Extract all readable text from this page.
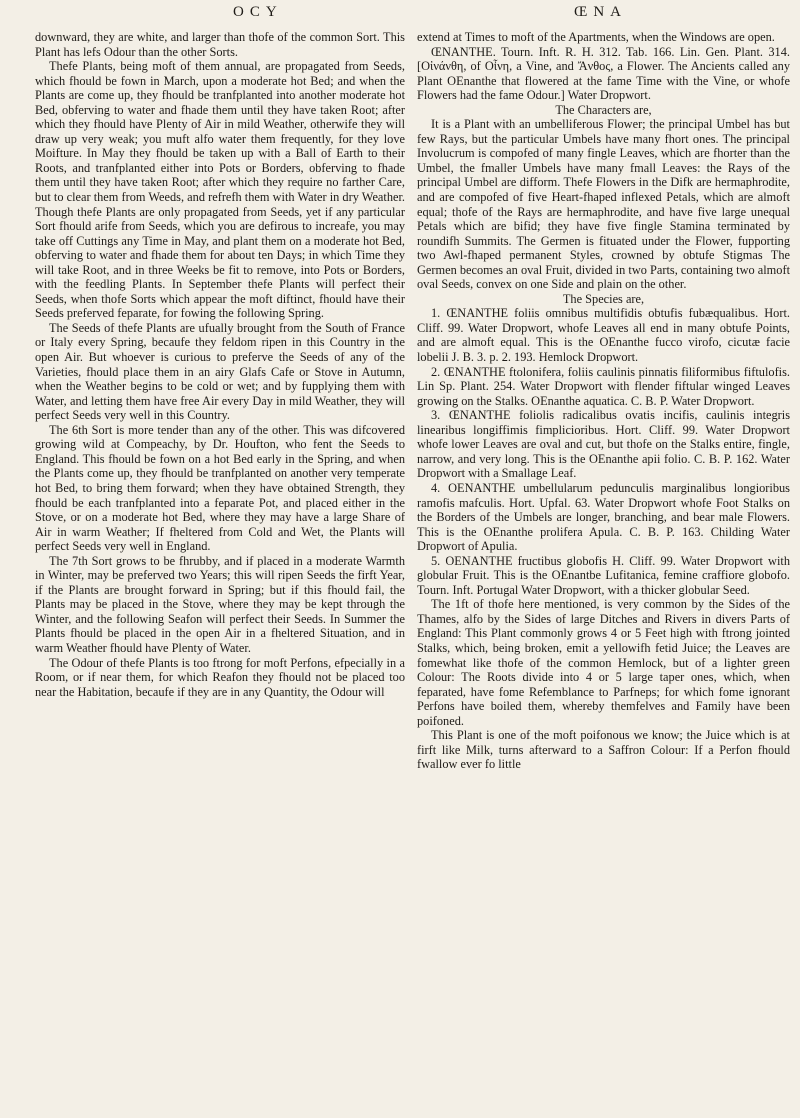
OCY	ŒNA

downward, they are white, and larger than thofe of the common Sort. This Plant has lefs Odour than the other Sorts.

Thefe Plants, being moft of them annual, are propagated from Seeds, which fhould be fown in March, upon a moderate hot Bed; and when the Plants are come up, they fhould be tranfplanted into another moderate hot Bed, obferving to water and fhade them until they have taken Root; after which they fhould have Plenty of Air in mild Weather, otherwife they will draw up very weak; you muft alfo water them frequently, for they love Moifture. In May they fhould be taken up with a Ball of Earth to their Roots, and tranfplanted either into Pots or Borders, obferving to fhade them until they have taken Root; after which they require no farther Care, but to clear them from Weeds, and refrefh them with Water in dry Weather. Though thefe Plants are only propagated from Seeds, yet if any particular Sort fhould arife from Seeds, which you are defirous to increafe, you may take off Cuttings any Time in May, and plant them on a moderate hot Bed, obferving to water and fhade them for about ten Days; in which Time they will take Root, and in three Weeks be fit to remove, into Pots or Borders, with the feedling Plants. In September thefe Plants will perfect their Seeds, when thofe Sorts which appear the moft diftinct, fhould have their Seeds preferved feparate, for fowing the following Spring.

The Seeds of thefe Plants are ufually brought from the South of France or Italy every Spring, becaufe they feldom ripen in this Country in the open Air. But whoever is curious to preferve the Seeds of any of the Varieties, fhould place them in an airy Glafs Cafe or Stove in Autumn, when the Weather begins to be cold or wet; and by fupplying them with Water, and letting them have free Air every Day in mild Weather, they will perfect Seeds very well in this Country.

The 6th Sort is more tender than any of the other. This was difcovered growing wild at Compeachy, by Dr. Houfton, who fent the Seeds to England. This fhould be fown on a hot Bed early in the Spring, and when the Plants come up, they fhould be tranfplanted on another very temperate hot Bed, to bring them forward; when they have obtained Strength, they fhould be each tranfplanted into a feparate Pot, and placed either in the Stove, or on a moderate hot Bed, where they may have a large Share of Air in warm Weather; If fheltered from Cold and Wet, the Plants will perfect Seeds very well in England.

The 7th Sort grows to be fhrubby, and if placed in a moderate Warmth in Winter, may be preferved two Years; this will ripen Seeds the firft Year, if the Plants are brought forward in Spring; but if this fhould fail, the Plants may be placed in the Stove, where they may be kept through the Winter, and the following Seafon will perfect their Seeds. In Summer the Plants fhould be placed in the open Air in a fheltered Situation, and in warm Weather fhould have Plenty of Water.

The Odour of thefe Plants is too ftrong for moft Perfons, efpecially in a Room, or if near them, for which Reafon they fhould not be placed too near the Habitation, becaufe if they are in any Quantity, the Odour will

extend at Times to moft of the Apartments, when the Windows are open.

ŒNANTHE. Tourn. Inft. R. H. 312. Tab. 166. Lin. Gen. Plant. 314. [Οἰνάνθη, of Οἶνη, a Vine, and Ἄνθος, a Flower. The Ancients called any Plant OEnanthe that flowered at the fame Time with the Vine, or whofe Flowers had the fame Odour.] Water Dropwort.

The Characters are,

It is a Plant with an umbelliferous Flower; the principal Umbel has but few Rays, but the particular Umbels have many fhort ones. The principal Involucrum is compofed of many fingle Leaves, which are fhorter than the Umbel, the fmaller Umbels have many fmall Leaves: the Rays of the principal Umbel are difform. Thefe Flowers in the Difk are hermaphrodite, and are compofed of five Heart-fhaped inflexed Petals, which are almoft equal; thofe of the Rays are hermaphrodite, and have five large unequal Petals which are bifid; they have five fingle Stamina terminated by roundifh Summits. The Germen is fituated under the Flower, fupporting two Awl-fhaped permanent Styles, crowned by obtufe Stigmas The Germen becomes an oval Fruit, divided in two Parts, containing two almoft oval Seeds, convex on one Side and plain on the other.

The Species are,

1. ŒNANTHE foliis omnibus multifidis obtufis fubæqualibus. Hort. Cliff. 99. Water Dropwort, whofe Leaves all end in many obtufe Points, and are almoft equal. This is the OEnanthe fucco virofo, cicutæ facie lobelii J. B. 3. p. 2. 193. Hemlock Dropwort.

2. ŒNANTHE ftolonifera, foliis caulinis pinnatis filiformibus fiftulofis. Lin Sp. Plant. 254. Water Dropwort with flender fiftular winged Leaves growing on the Stalks. OEnanthe aquatica. C. B. P. Water Dropwort.

3. ŒNANTHE foliolis radicalibus ovatis incifis, caulinis integris linearibus longiffimis fimplicioribus. Hort. Cliff. 99. Water Dropwort whofe lower Leaves are oval and cut, but thofe on the Stalks entire, fingle, narrow, and very long. This is the OEnanthe apii folio. C. B. P. 162. Water Dropwort with a Smallage Leaf.

4. OENANTHE umbellularum pedunculis marginalibus longioribus ramofis mafculis. Hort. Upfal. 63. Water Dropwort whofe Foot Stalks on the Borders of the Umbels are longer, branching, and bear male Flowers. This is the OEnanthe prolifera Apula. C. B. P. 163. Childing Water Dropwort of Apulia.

5. OENANTHE fructibus globofis H. Cliff. 99. Water Dropwort with globular Fruit. This is the OEnantbe Lufitanica, femine craffiore globofo. Tourn. Inft. Portugal Water Dropwort, with a thicker globular Seed.

The 1ft of thofe here mentioned, is very common by the Sides of the Thames, alfo by the Sides of large Ditches and Rivers in divers Parts of England: This Plant commonly grows 4 or 5 Feet high with ftrong jointed Stalks, which, being broken, emit a yellowifh fetid Juice; the Leaves are fomewhat like thofe of the common Hemlock, but of a lighter green Colour: The Roots divide into 4 or 5 large taper ones, which, when feparated, have fome Refemblance to Parfneps; for which fome ignorant Perfons have boiled them, whereby themfelves and Family have been poifoned.

This Plant is one of the moft poifonous we know; the Juice which is at firft like Milk, turns afterward to a Saffron Colour: If a Perfon fhould fwallow ever fo little
